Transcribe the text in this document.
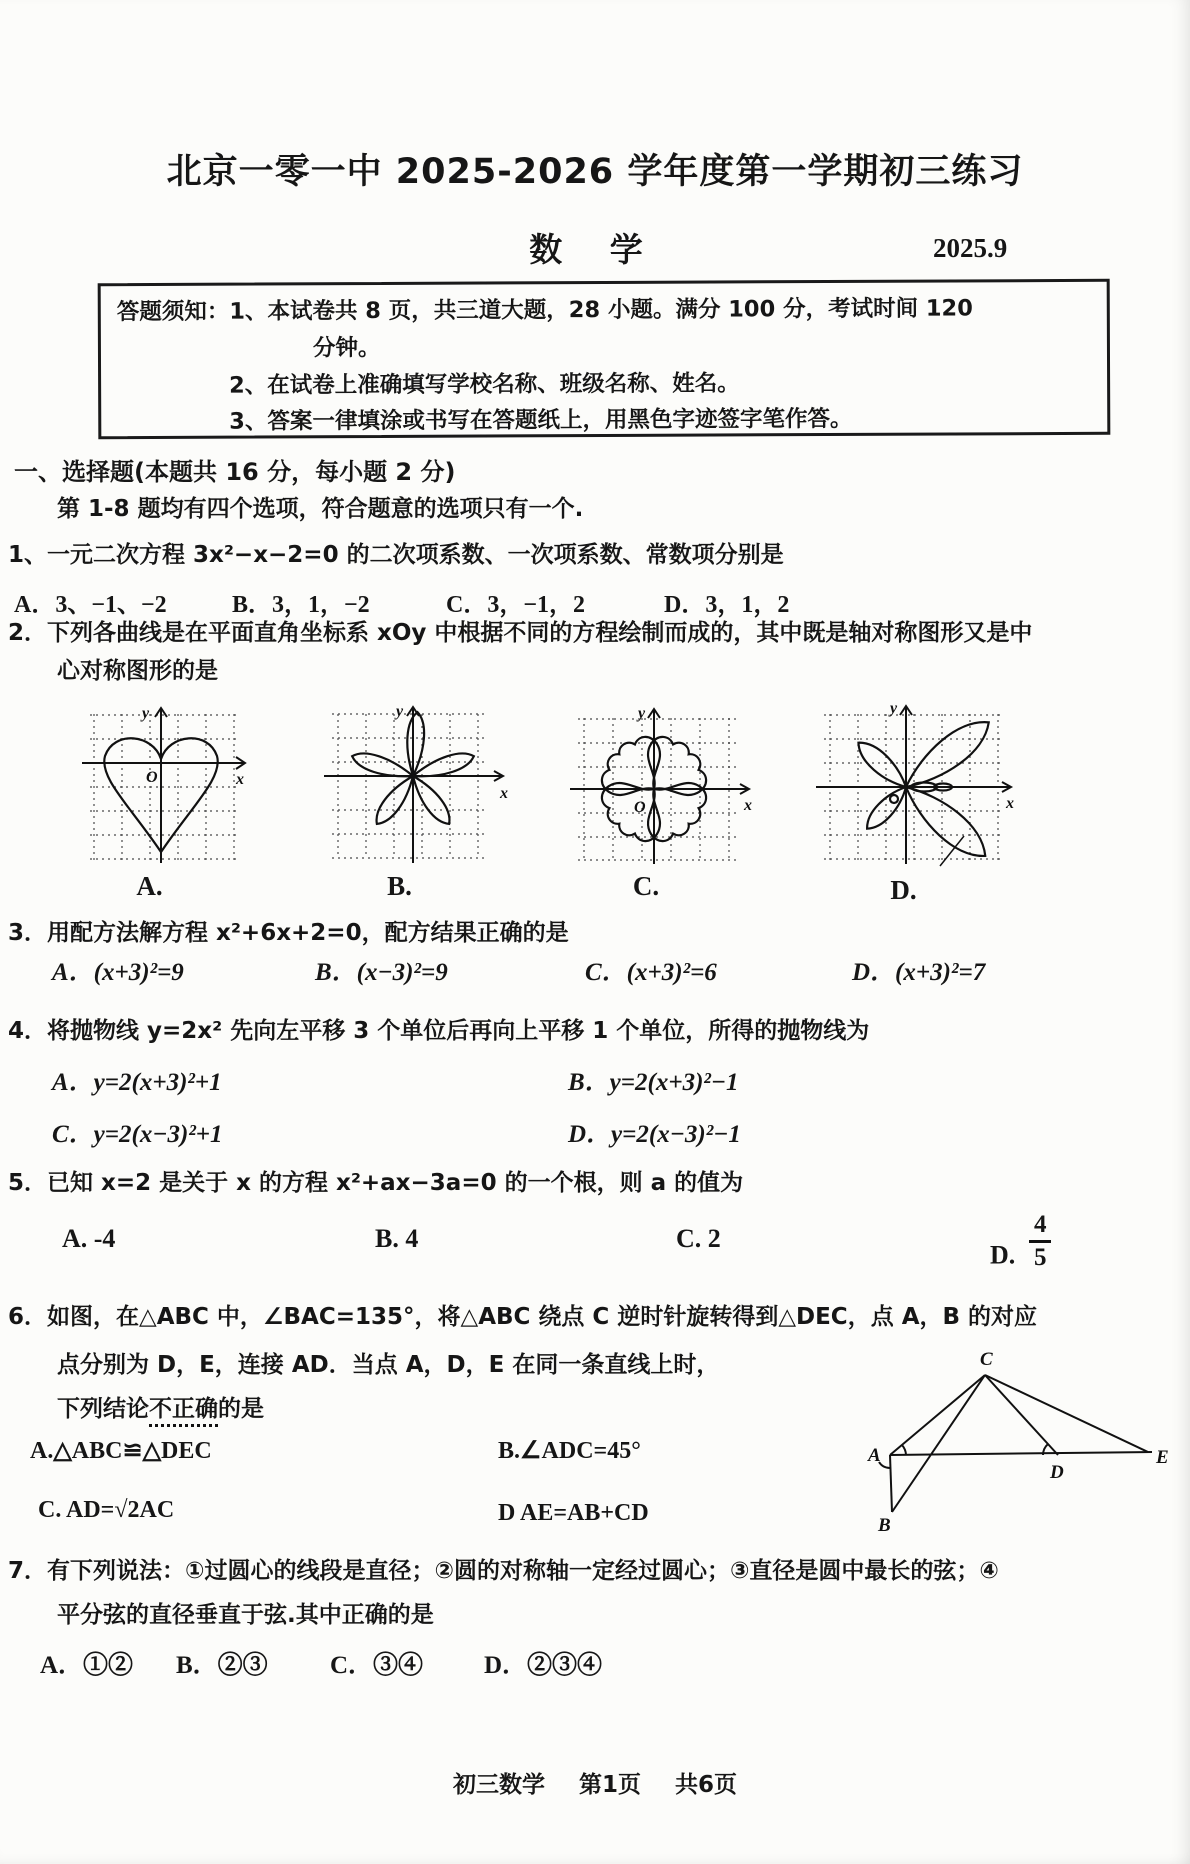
北京一零一中 2025-2026 学年度第一学期初三练习
数 学	2025.9
答题须知：1、本试卷共 8 页，共三道大题，28 小题。满分 100 分，考试时间 120
分钟。
2、在试卷上准确填写学校名称、班级名称、姓名。
3、答案一律填涂或书写在答题纸上，用黑色字迹签字笔作答。
一、选择题(本题共 16 分，每小题 2 分)
第 1-8 题均有四个选项，符合题意的选项只有一个.
1、一元二次方程 3x²−x−2=0 的二次项系数、一次项系数、常数项分别是
A．3、−1、−2	B．3，1，−2	C．3，−1，2	D．3，1，2
2．下列各曲线是在平面直角坐标系 xOy 中根据不同的方程绘制而成的，其中既是轴对称图形又是中
心对称图形的是
y
x
O
A.
y
x
B.
y
x
O
C.
y
x
D.
3．用配方法解方程 x²+6x+2=0，配方结果正确的是
A．(x+3)²=9	B．(x−3)²=9	C．(x+3)²=6	D．(x+3)²=7
4．将抛物线 y=2x² 先向左平移 3 个单位后再向上平移 1 个单位，所得的抛物线为
A．y=2(x+3)²+1	B．y=2(x+3)²−1
C．y=2(x−3)²+1	D．y=2(x−3)²−1
5．已知 x=2 是关于 x 的方程 x²+ax−3a=0 的一个根，则 a 的值为
A. -4	B. 4	C. 2
D. $\frac{4}{5}$
6．如图，在△ABC 中，∠BAC=135°，将△ABC 绕点 C 逆时针旋转得到△DEC，点 A，B 的对应
点分别为 D，E，连接 AD．当点 A，D，E 在同一条直线上时，
下列结论不正确的是
A.△ABC≌△DEC	B.∠ADC=45°
C. AD=√2AC	D AE=AB+CD
C
A
D
E
B
7．有下列说法：①过圆心的线段是直径；②圆的对称轴一定经过圆心；③直径是圆中最长的弦；④
平分弦的直径垂直于弦.其中正确的是
A．①② B．②③ C．③④ D．②③④
初三数学 第1页 共6页
